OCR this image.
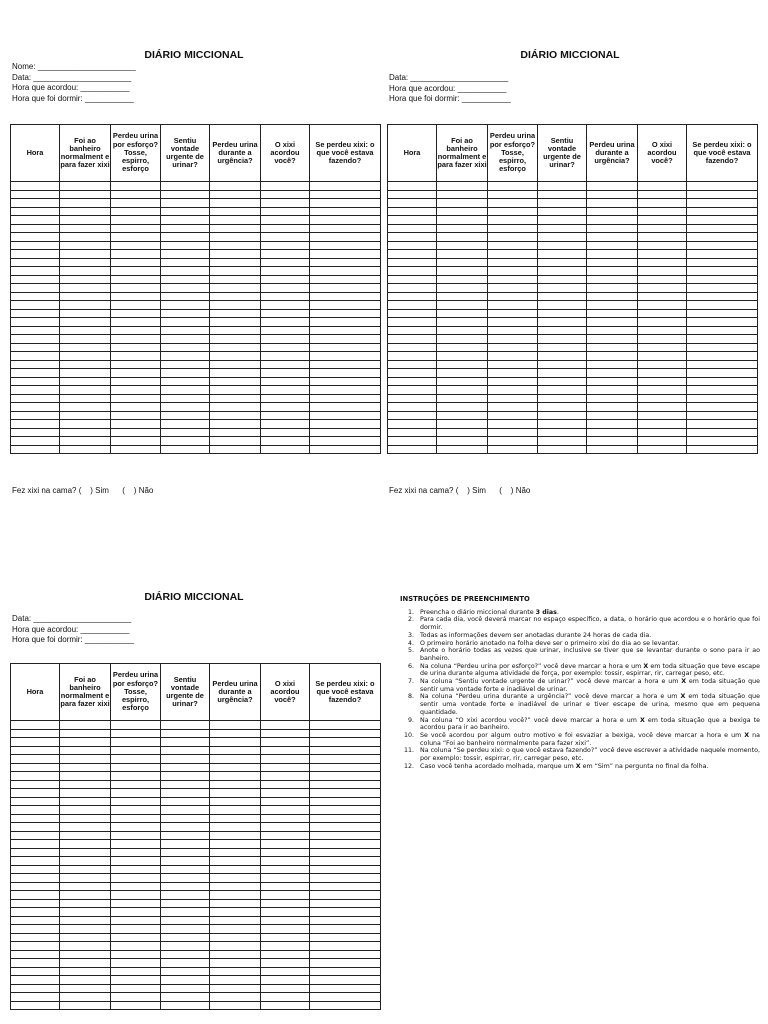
DIÁRIO MICCIONAL
Nome: ______________________
Data: ______________________
Hora que acordou: ___________
Hora que foi dormir: ___________
Hora	Foi ao banheiro normalment e para fazer xixi	Perdeu urina por esforço? Tosse, espirro, esforço	Sentiu vontade urgente de urinar?	Perdeu urina durante a urgência?	O xixi acordou você?	Se perdeu xixi: o que você estava fazendo?

Fez xixi na cama? (    ) Sim      (    ) Não
DIÁRIO MICCIONAL
Data: ______________________
Hora que acordou: ___________
Hora que foi dormir: ___________
Hora	Foi ao banheiro normalment e para fazer xixi	Perdeu urina por esforço? Tosse, espirro, esforço	Sentiu vontade urgente de urinar?	Perdeu urina durante a urgência?	O xixi acordou você?	Se perdeu xixi: o que você estava fazendo?

Fez xixi na cama? (    ) Sim      (    ) Não
DIÁRIO MICCIONAL
Data: ______________________
Hora que acordou: ___________
Hora que foi dormir: ___________
Hora	Foi ao banheiro normalment e para fazer xixi	Perdeu urina por esforço? Tosse, espirro, esforço	Sentiu vontade urgente de urinar?	Perdeu urina durante a urgência?	O xixi acordou você?	Se perdeu xixi: o que você estava fazendo?

INSTRUÇÕES DE PREENCHIMENTO
1. Preencha o diário miccional durante 3 dias.
2. Para cada dia, você deverá marcar no espaço específico, a data, o horário que acordou e o horário que foi dormir.
3. Todas as informações devem ser anotadas durante 24 horas de cada dia.
4. O primeiro horário anotado na folha deve ser o primeiro xixi do dia ao se levantar.
5. Anote o horário todas as vezes que urinar, inclusive se tiver que se levantar durante o sono para ir ao banheiro.
6. Na coluna “Perdeu urina por esforço?” você deve marcar a hora e um X em toda situação que teve escape de urina durante alguma atividade de força, por exemplo: tossir, espirrar, rir, carregar peso, etc.
7. Na coluna “Sentiu vontade urgente de urinar?” você deve marcar a hora e um X em toda situação que sentir uma vontade forte e inadiável de urinar.
8. Na coluna “Perdeu urina durante a urgência?” você deve marcar a hora e um X em toda situação que sentir uma vontade forte e inadiável de urinar e tiver escape de urina, mesmo que em pequena quantidade.
9. Na coluna “O xixi acordou você?” você deve marcar a hora e um X em toda situação que a bexiga te acordou para ir ao banheiro.
10. Se você acordou por algum outro motivo e foi esvaziar a bexiga, você deve marcar a hora e um X na coluna “Foi ao banheiro normalmente para fazer xixi”.
11. Na coluna “Se perdeu xixi: o que você estava fazendo?” você deve escrever a atividade naquele momento, por exemplo: tossir, espirrar, rir, carregar peso, etc.
12. Caso você tenha acordado molhada, marque um X em “Sim” na pergunta no final da folha.
